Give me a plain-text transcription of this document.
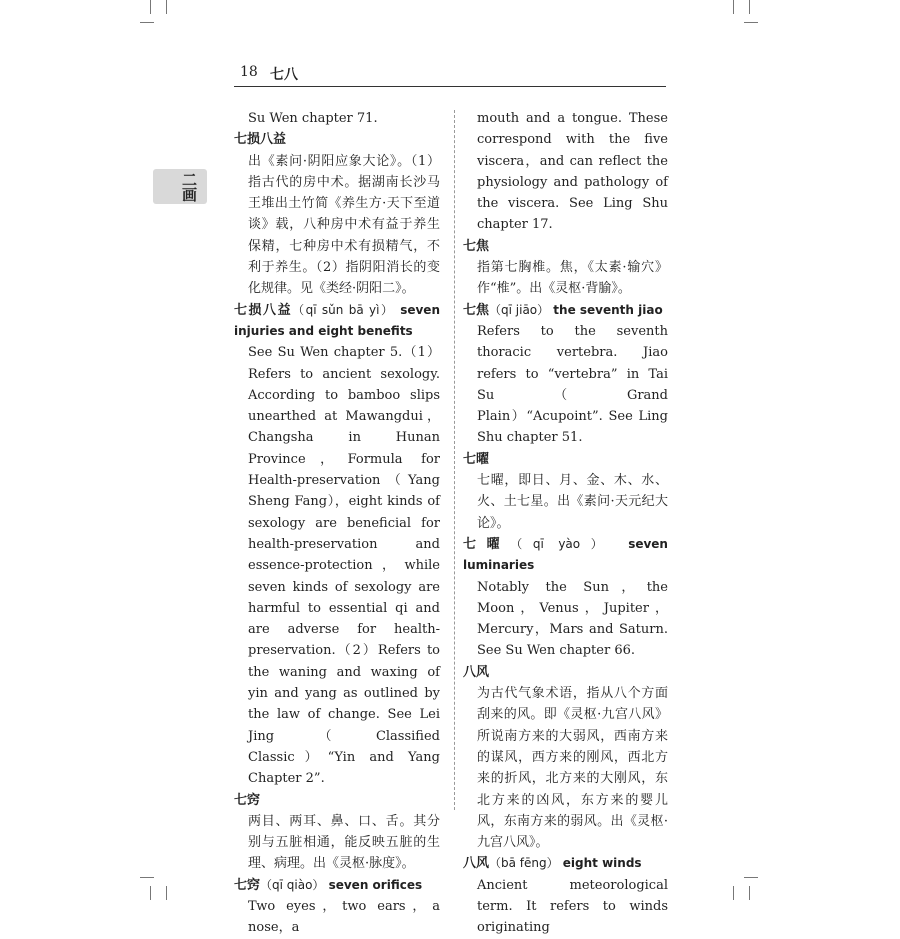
18 七八
二画

Su Wen chapter 71.

七损八益
出《素问·阴阳应象大论》。（1）指古代的房中术。据湖南长沙马王堆出土竹简《养生方·天下至道谈》载，八种房中术有益于养生保精，七种房中术有损精气，不利于养生。（2）指阴阳消长的变化规律。见《类经·阴阳二》。

七损八益（qī sǔn bā yì） seven injuries and eight benefits
See Su Wen chapter 5.（1）Refers to ancient sexology. According to bamboo slips unearthed at Mawangdui，Changsha in Hunan Province，Formula for Health-preservation（Yang Sheng Fang），eight kinds of sexology are beneficial for health-preservation and essence-protection，while seven kinds of sexology are harmful to essential qi and are adverse for health-preservation.（2）Refers to the waning and waxing of yin and yang as outlined by the law of change. See Lei Jing（Classified Classic）“Yin and Yang Chapter 2”.

七窍
两目、两耳、鼻、口、舌。其分别与五脏相通，能反映五脏的生理、病理。出《灵枢·脉度》。

七窍（qī qiào） seven orifices
Two eyes，two ears，a nose，a

mouth and a tongue. These correspond with the five viscera，and can reflect the physiology and pathology of the viscera. See Ling Shu chapter 17.

七焦
指第七胸椎。焦，《太素·输穴》作“椎”。出《灵枢·背腧》。

七焦（qī jiāo） the seventh jiao
Refers to the seventh thoracic vertebra. Jiao refers to “vertebra” in Tai Su（Grand Plain）“Acupoint”. See Ling Shu chapter 51.

七曜
七曜，即日、月、金、木、水、火、土七星。出《素问·天元纪大论》。

七曜（qī yào） seven luminaries
Notably the Sun，the Moon，Venus，Jupiter，Mercury，Mars and Saturn. See Su Wen chapter 66.

八风
为古代气象术语，指从八个方面刮来的风。即《灵枢·九宫八风》所说南方来的大弱风，西南方来的谋风，西方来的刚风，西北方来的折风，北方来的大刚风，东北方来的凶风，东方来的婴儿风，东南方来的弱风。出《灵枢·九宫八风》。

八风（bā fēng） eight winds
Ancient meteorological term. It refers to winds originating
